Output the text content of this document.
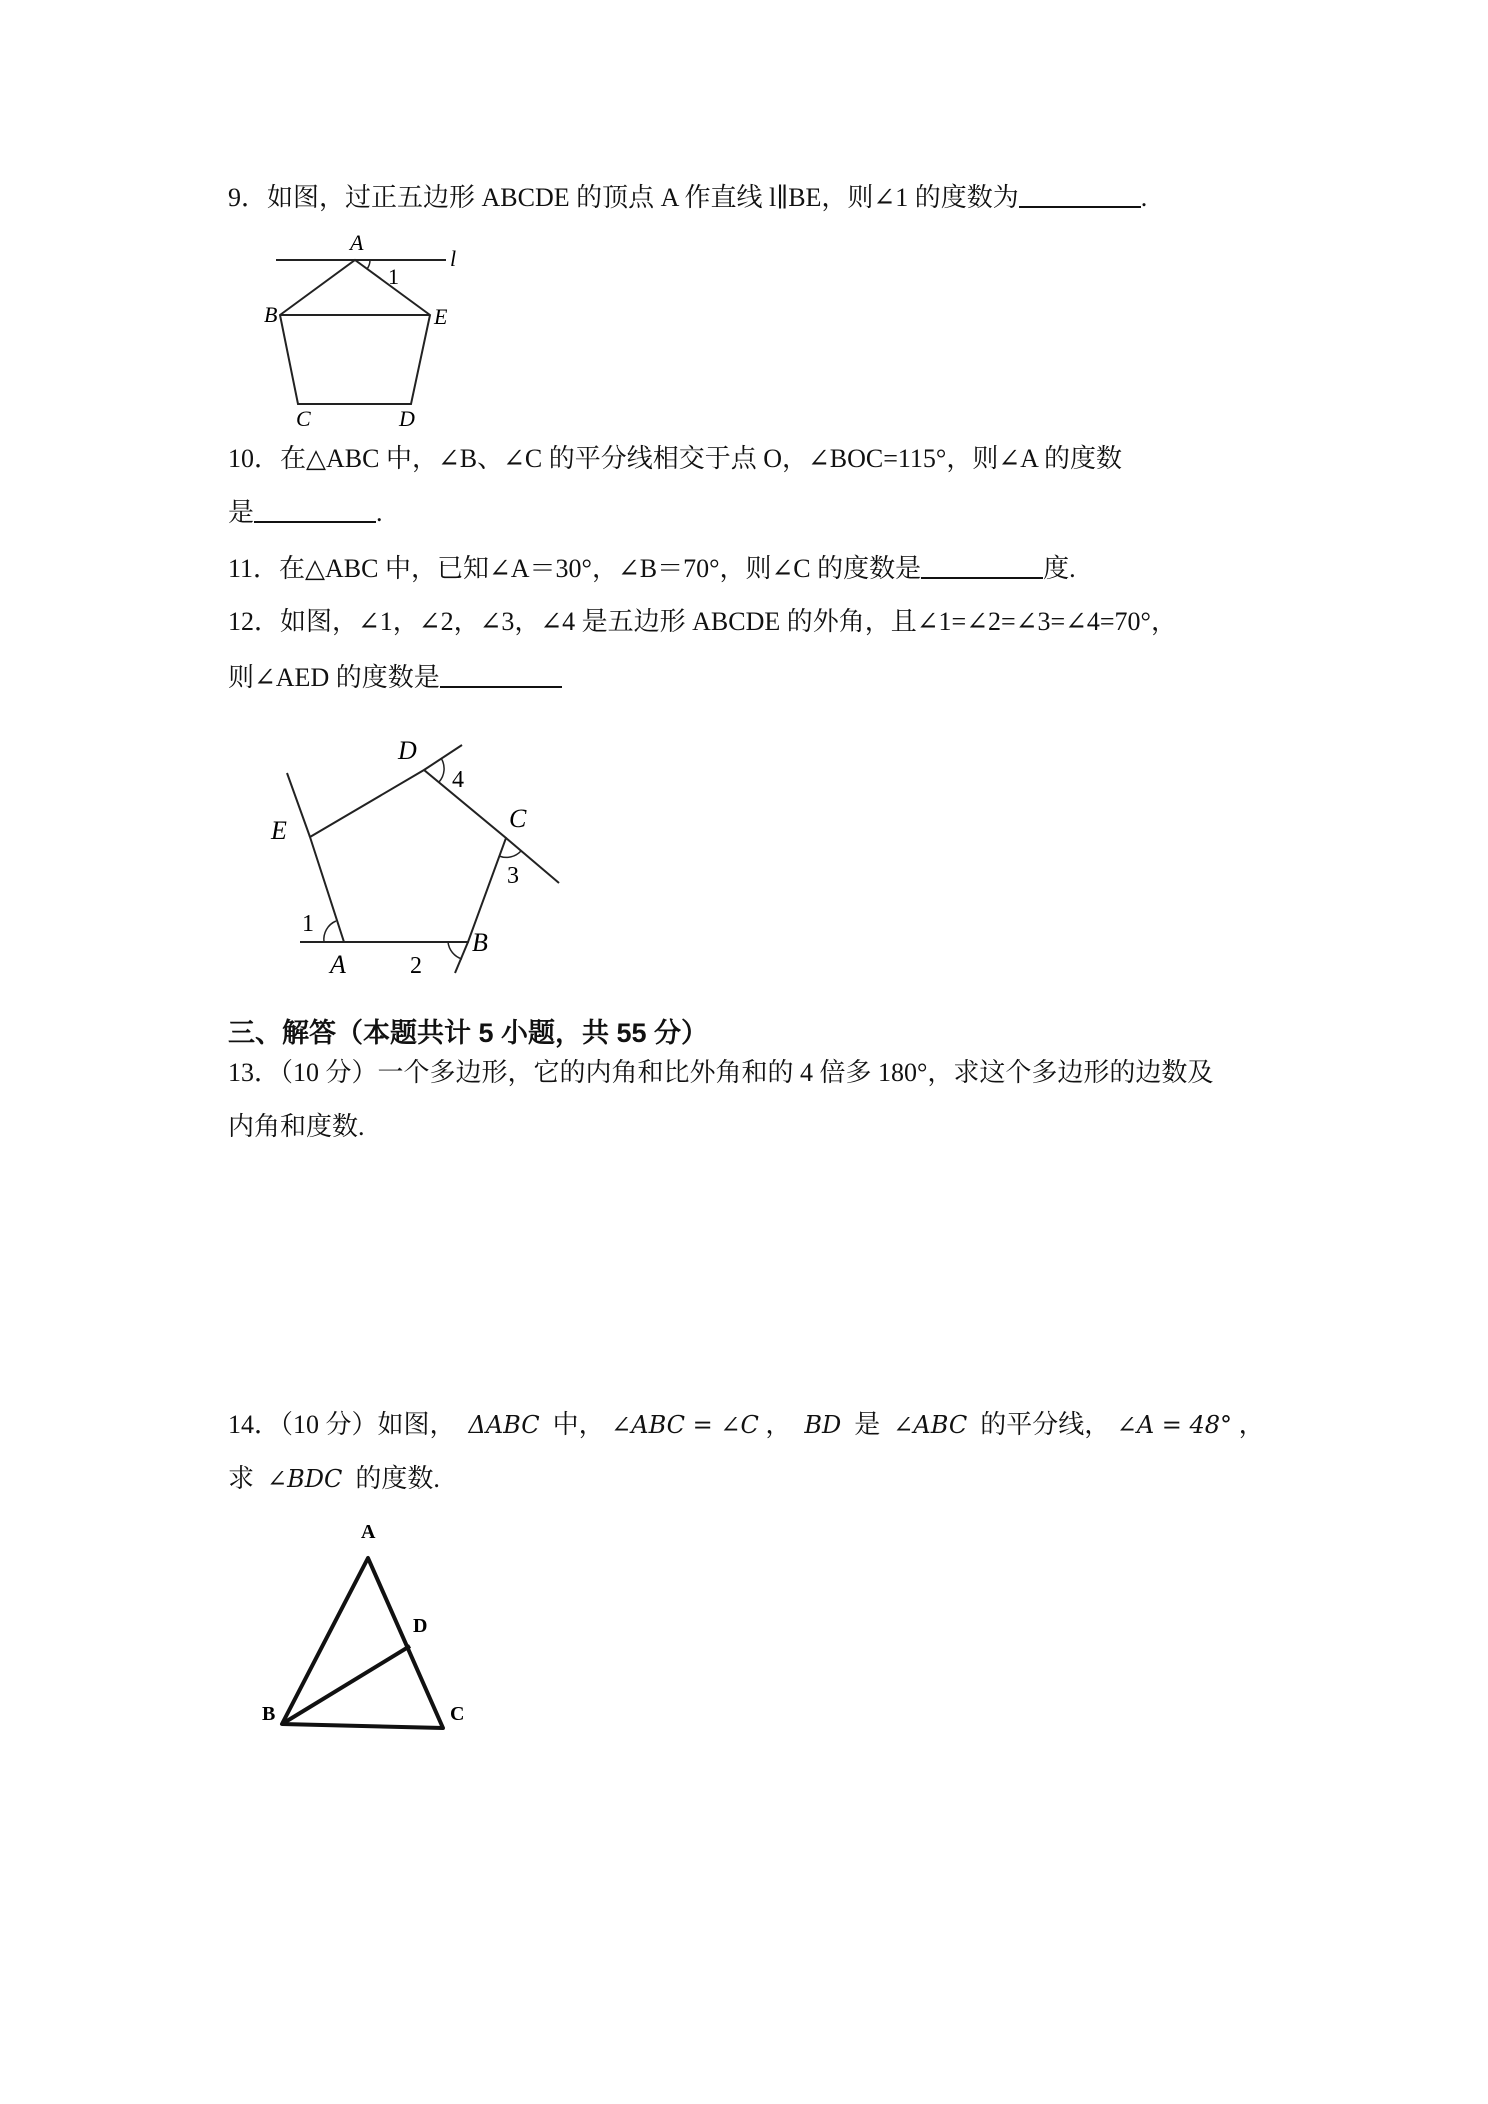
9．如图，过正五边形 ABCDE 的顶点 A 作直线 l∥BE，则∠1 的度数为	.
A
l
1
B	E
C	D
10．在△ABC 中，∠B、∠C 的平分线相交于点 O，∠BOC=115°，则∠A 的度数
是	.
11．在△ABC 中，已知∠A＝30°，∠B＝70°，则∠C 的度数是	度.
12．如图，∠1，∠2，∠3，∠4 是五边形 ABCDE 的外角，且∠1=∠2=∠3=∠4=70°，
则∠AED 的度数是
D
4
C
E
3
1
B
A	2
三、解答（本题共计 5 小题，共 55 分）
13．（10 分）一个多边形，它的内角和比外角和的 4 倍多 180°，求这个多边形的边数及
内角和度数.
14．（10 分）如图， ΔABC 中， ∠ABC = ∠C ， BD 是 ∠ABC 的平分线， ∠A = 48° ，
求 ∠BDC 的度数.
A
D
B	C
